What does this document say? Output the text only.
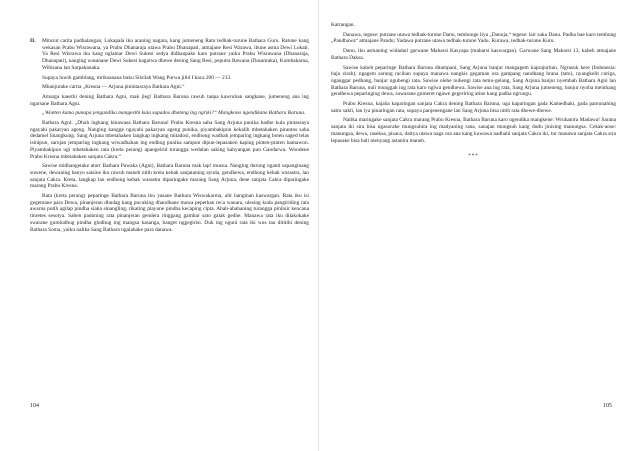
II.	Miturut carita padhalangan, Lokapala iku araning nagara, kang jumeneng Ratu tedhak-turune Bathara Guru. Ratune kang wekasan Prabu Wisrawana, ya Prabu Dhanaraja utawa Prabu Dhanapati, atmajane Resi Warawa, ibune asma Dewi Lokati. Ya Resi Wisrawa iku kang nglamar Dewi Sukesi sedya didhaupake karo putrane yaiku Prabu Wisrawana (Dhanaraja, Dhanapati), nanging wasanane Dewi Sukesi kagarwa dhewe dening Sang Resi, peputra Rawana (Dasamuka), Kumbakarna, Wibisana lan Sarpakanaka.

Supaya luwih gamblang, mriksanana buku Silsilah Wang Purwa jilid I kaca 200 — 213.

Mbanjurake carita „Kresna — Arjuna pinintasraya Bathara Agni.“

Amarga kaesthi dening Bathara Agni, mak jleg! Bathara Baruna rawuh tanpa kawruhan sangkane, jumeneng ana ing ngarsane Bathara Agni.

„Wonten kama punapa jengandika mangesthi kula supados dhateng ing ngriki?“ Mangkono ngendikane Bathara Baruna.

Bathara Agni: „Dhuh ingkang kinawasa Bathara Baruna! Prabu Kresna saha Sang Arjuna punika badhe kula pintasraya ngayahi pakaryan ageng. Nanging kangge ngayahi pakaryan ageng punika, piyambakipun kekalih mbetahaken pirantos saha dedamel linangkung. Sang Arjuna mbetahaken langkap ingkang mitadosi, endhong wadhah jemparing ingkang boten saged telas isinipun, sarujan jemparing ingkang wiwadhahan ing endhog punika sampun dipun-lepasaken kaping pinten-pinten hamawon. Piyambakipun ugi mbetahaken rata (kreta perang) apangeirid turangga wedalan saking kahyangan pun Gandarwa. Wondene Prabu Kresna mbetahaken sanjata Cakra.“

Sawise midhangetake aturr Bathara Pawaka (Agni), Bathara Baruna mak lap! musna. Nanging durung nganti sapanginang suwene, dewaning banyu saisine iku rawuh maneh nitih kreta kebak sanjataning ayuda, gendhewa, endhong kebak warastra, lan sanjata Cakra. Kreta, langkap lan endhong kebak warastra diparingake marang Sang Arjuna, dene sanjata Cakra diparingake marang Prabu Kresna.

Rata (kreta perang) peparinge Bathara Baruna iku yasane Bathara Wiswakarma, alit banginan kaswargan. Rata iku isi gegemane para Dewa, pinanjeran dhudag kang pucuking dhandhane mawa pepethan reca wanara, ulesing kuda pangiriding rata awarna putih agilap pindha siaka sinangling, rikating playune pindha kecaping cipta. Abah-abahaning turangga pinliuir kencana tinretes sesotya. Saben padoning rata pinanjeran gendera ringgang gambar sato galak gedhe. Manawa rata iku dilakokake swarane gumludhug pindha gludhug ing mangsa kasanga, banget nggegirisi. Duk ing nguni rata iki wus tau dititihi dening Bathara Soma, yaiku nalika Sang Bathara ngalahake para danawa.

104

Katrangan.

Danawa, tegese: putrane utawa tedhak-turune Danu, tembunge liya „Danuja,“ tegese: lair saka Danu. Padha bae karo tembung „Pandhawa“ atmajane Pandu; Yadawa putrane utawa tedhak-turune Yadu. Kurawa, tedhak-turune Kuru.

Danu, iku asmaning widadari garwane Maharsi Kasyapa (maharsi kaswargan). Garwane Sang Maharsi 13, kabeh atmajane Bathara Daksa.

Sawise kabeh peparinge Bathara Baruna ditampani, Sang Arjuna banjur mangagem kaprajuritan. Ngrasuk kere (Indonesia: baju zirah), ngagem sarung racikan supaya manawa nangkis gegaman ora gampang nandhang brana (tatu), nyangkelit curiga, nganggar pedhang, banjur ngubengi rata. Sawise olehe nubengi rata temu-gelang, Sang Arjuna banjur nyembah Bathara Agni lan Bathara Baruna, nuli munggah ing rata karo ngiwa gendhewa. Sawise ana ing rata, Sang Arjuna jumeneng, banjur nyoba menthang gendhewa peparinging dewa, suwarane gumeret ngawe gegeriring atine kang padha ngrungu.

Prabu Kresna, kajaba kaparingan sanjata Cakra dening Bathara Baruna, uga kaparingan gada Kamedhaki, gada pamunahing satru sakti, lan iya pinaringan rata, supaya panjenengane lan Sang Arjuna bisa nitih rata dhewe-dhewe.

Nalika maringake sanjata Cakra marang Prabu Kresna, Bathara Baruna karo ngendika mangkene: Wruhanira Madawa! Sarana sanjata iki sira bisa ngasorake mungsuhira ing madyaning rana, sanajan mungsuh kang dudu jinising manungsa. Cekak-aose: manungsa, dewa, raseksa, pisaca, daitya utawa naga ora ana kang kuwawa nadhahi sanjata Cakra iki, tur manawa sanjata Cakra sira lepasake bisa bali menyang astanira maneh.

***
105
